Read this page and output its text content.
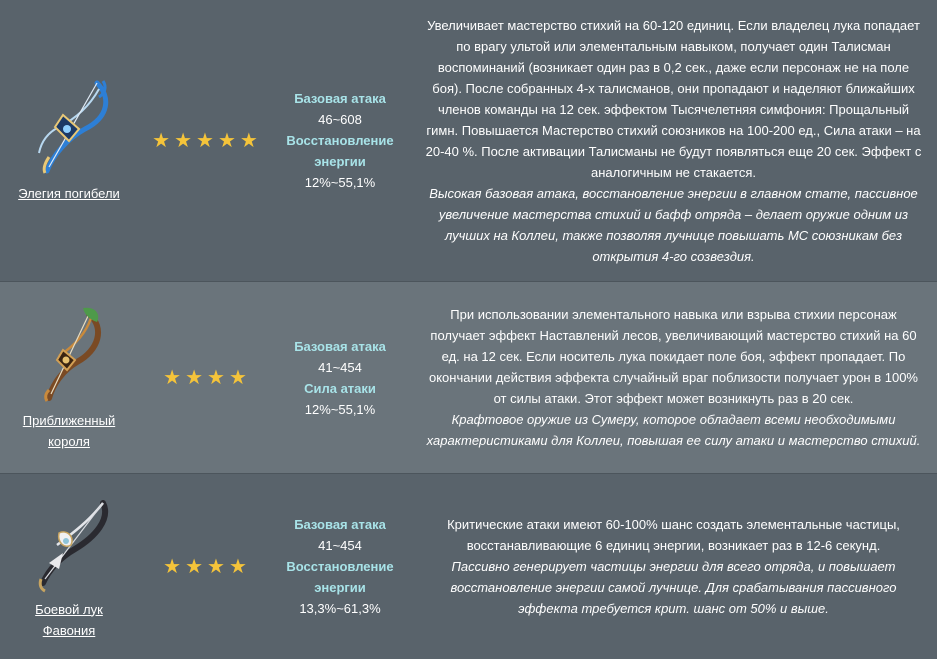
Элегия погибели
★ ★ ★ ★ ★
Базовая атака
46~608
Восстановление энергии
12%~55,1%
Увеличивает мастерство стихий на 60-120 единиц. Если владелец лука попадает по врагу ультой или элементальным навыком, получает один Талисман воспоминаний (возникает один раз в 0,2 сек., даже если персонаж не на поле боя). После собранных 4-х талисманов, они пропадают и наделяют ближайших членов команды на 12 сек. эффектом Тысячелетняя симфония: Прощальный гимн. Повышается Мастерство стихий союзников на 100-200 ед., Сила атаки – на 20-40 %. После активации Талисманы не будут появляться еще 20 сек. Эффект с аналогичным не стакается.
Высокая базовая атака, восстановление энергии в главном стате, пассивное увеличение мастерства стихий и бафф отряда – делает оружие одним из лучших на Коллеи, также позволяя лучнице повышать МС союзникам без открытия 4-го созвездия.
Приближенный короля
★ ★ ★ ★
Базовая атака
41~454
Сила атаки
12%~55,1%
При использовании элементального навыка или взрыва стихии персонаж получает эффект Наставлений лесов, увеличивающий мастерство стихий на 60 ед. на 12 сек. Если носитель лука покидает поле боя, эффект пропадает. По окончании действия эффекта случайный враг поблизости получает урон в 100% от силы атаки. Этот эффект может возникнуть раз в 20 сек.
Крафтовое оружие из Сумеру, которое обладает всеми необходимыми характеристиками для Коллеи, повышая ее силу атаки и мастерство стихий.
Боевой лук Фавония
★ ★ ★ ★
Базовая атака
41~454
Восстановление энергии
13,3%~61,3%
Критические атаки имеют 60-100% шанс создать элементальные частицы, восстанавливающие 6 единиц энергии, возникает раз в 12-6 секунд.
Пассивно генерирует частицы энергии для всего отряда, и повышает восстановление энергии самой лучнице. Для срабатывания пассивного эффекта требуется крит. шанс от 50% и выше.
